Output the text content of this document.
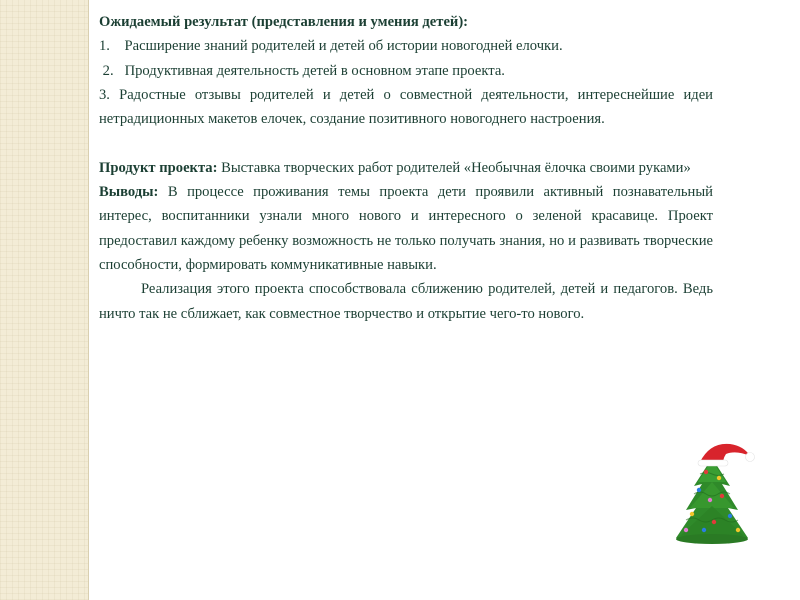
Ожидаемый результат (представления и умения детей):

1. Расширение знаний родителей и детей об истории новогодней елочки.

2. Продуктивная деятельность детей в основном этапе проекта.

3. Радостные отзывы родителей и детей о совместной деятельности, интереснейшие идеи нетрадиционных макетов елочек, создание позитивного новогоднего настроения.

Продукт проекта: Выставка творческих работ родителей «Необычная ёлочка своими руками»

Выводы: В процессе проживания темы проекта дети проявили активный познавательный интерес, воспитанники узнали много нового и интересного о зеленой красавице. Проект предоставил каждому ребенку возможность не только получать знания, но и развивать творческие способности, формировать коммуникативные навыки.

Реализация этого проекта способствовала сближению родителей, детей и педагогов. Ведь ничто так не сближает, как совместное творчество и открытие чего-то нового.
